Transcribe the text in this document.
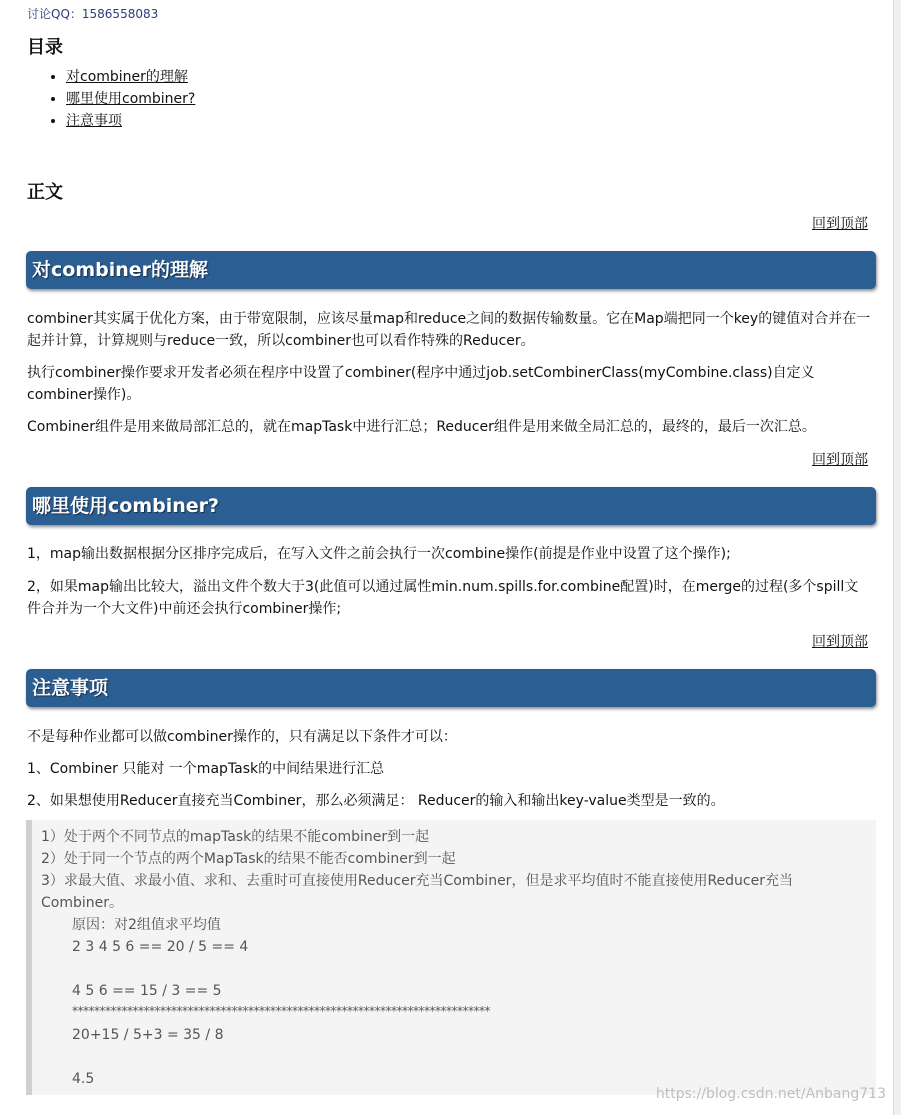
讨论QQ：1586558083
目录
• 对combiner的理解
• 哪里使用combiner?
• 注意事项
正文
回到顶部
对combiner的理解

combiner其实属于优化方案，由于带宽限制，应该尽量map和reduce之间的数据传输数量。它在Map端把同一个key的键值对合并在一起并计算，计算规则与reduce一致，所以combiner也可以看作特殊的Reducer。

执行combiner操作要求开发者必须在程序中设置了combiner(程序中通过job.setCombinerClass(myCombine.class)自定义combiner操作)。

Combiner组件是用来做局部汇总的，就在mapTask中进行汇总；Reducer组件是用来做全局汇总的，最终的，最后一次汇总。

回到顶部
哪里使用combiner?

1，map输出数据根据分区排序完成后，在写入文件之前会执行一次combine操作(前提是作业中设置了这个操作);

2，如果map输出比较大，溢出文件个数大于3(此值可以通过属性min.num.spills.for.combine配置)时，在merge的过程(多个spill文件合并为一个大文件)中前还会执行combiner操作;

回到顶部
注意事项

不是每种作业都可以做combiner操作的，只有满足以下条件才可以：

1、Combiner 只能对 一个mapTask的中间结果进行汇总

2、如果想使用Reducer直接充当Combiner，那么必须满足： Reducer的输入和输出key-value类型是一致的。

1）处于两个不同节点的mapTask的结果不能combiner到一起
2）处于同一个节点的两个MapTask的结果不能否combiner到一起
3）求最大值、求最小值、求和、去重时可直接使用Reducer充当Combiner，但是求平均值时不能直接使用Reducer充当
Combiner。
原因：对2组值求平均值
2 3 4 5 6 == 20 / 5 == 4
4 5 6 == 15 / 3 == 5
****************************************************************************
20+15 / 5+3 = 35 / 8
4.5
https://blog.csdn.net/Anbang713
